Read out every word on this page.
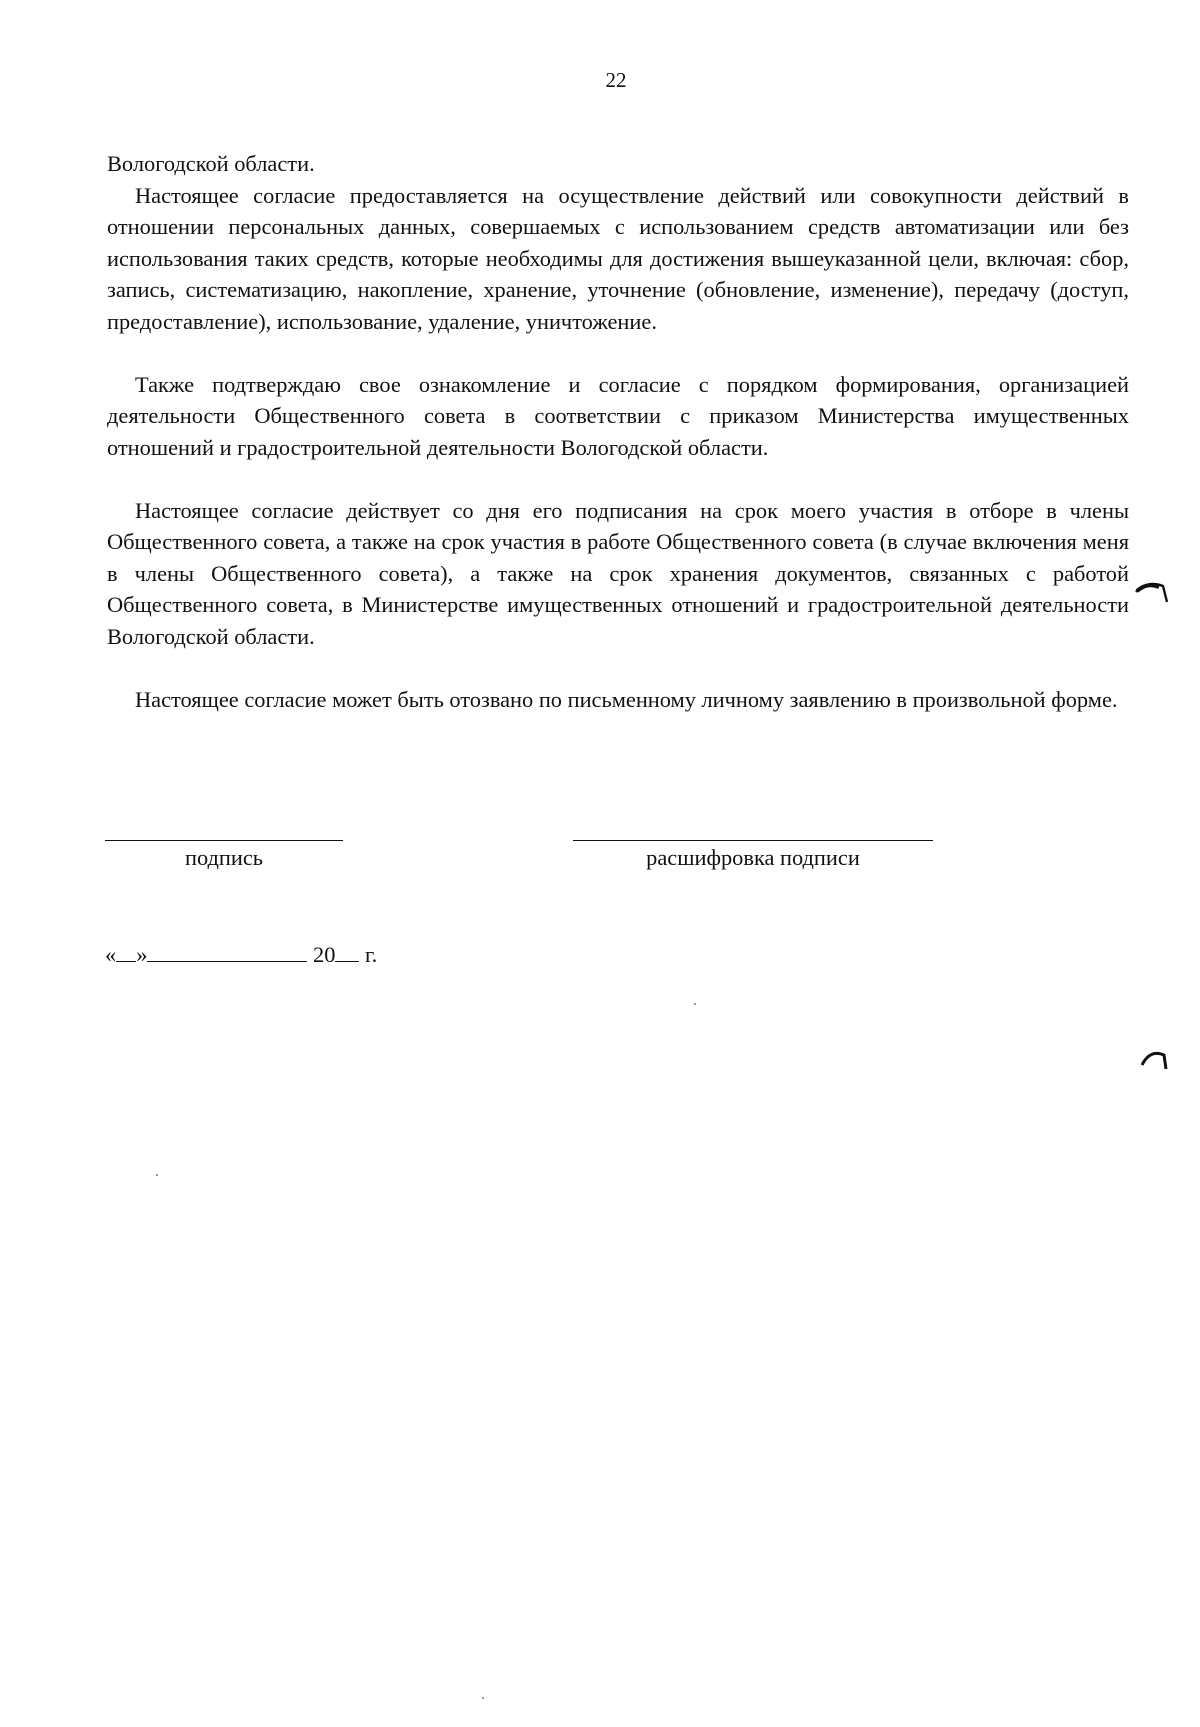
22

Вологодской области.

Настоящее согласие предоставляется на осуществление действий или совокупности действий в отношении персональных данных, совершаемых с использованием средств автоматизации или без использования таких средств, которые необходимы для достижения вышеуказанной цели, включая: сбор, запись, систематизацию, накопление, хранение, уточнение (обновление, изменение), передачу (доступ, предоставление), использование, удаление, уничтожение.

Также подтверждаю свое ознакомление и согласие с порядком формирования, организацией деятельности Общественного совета в соответствии с приказом Министерства имущественных отношений и градостроительной деятельности Вологодской области.

Настоящее согласие действует со дня его подписания на срок моего участия в отборе в члены Общественного совета, а также на срок участия в работе Общественного совета (в случае включения меня в члены Общественного совета), а также на срок хранения документов, связанных с работой Общественного совета, в Министерстве имущественных отношений и градостроительной деятельности Вологодской области.

Настоящее согласие может быть отозвано по письменному личному заявлению в произвольной форме.

подпись	расшифровка подписи
« »	20 г.
